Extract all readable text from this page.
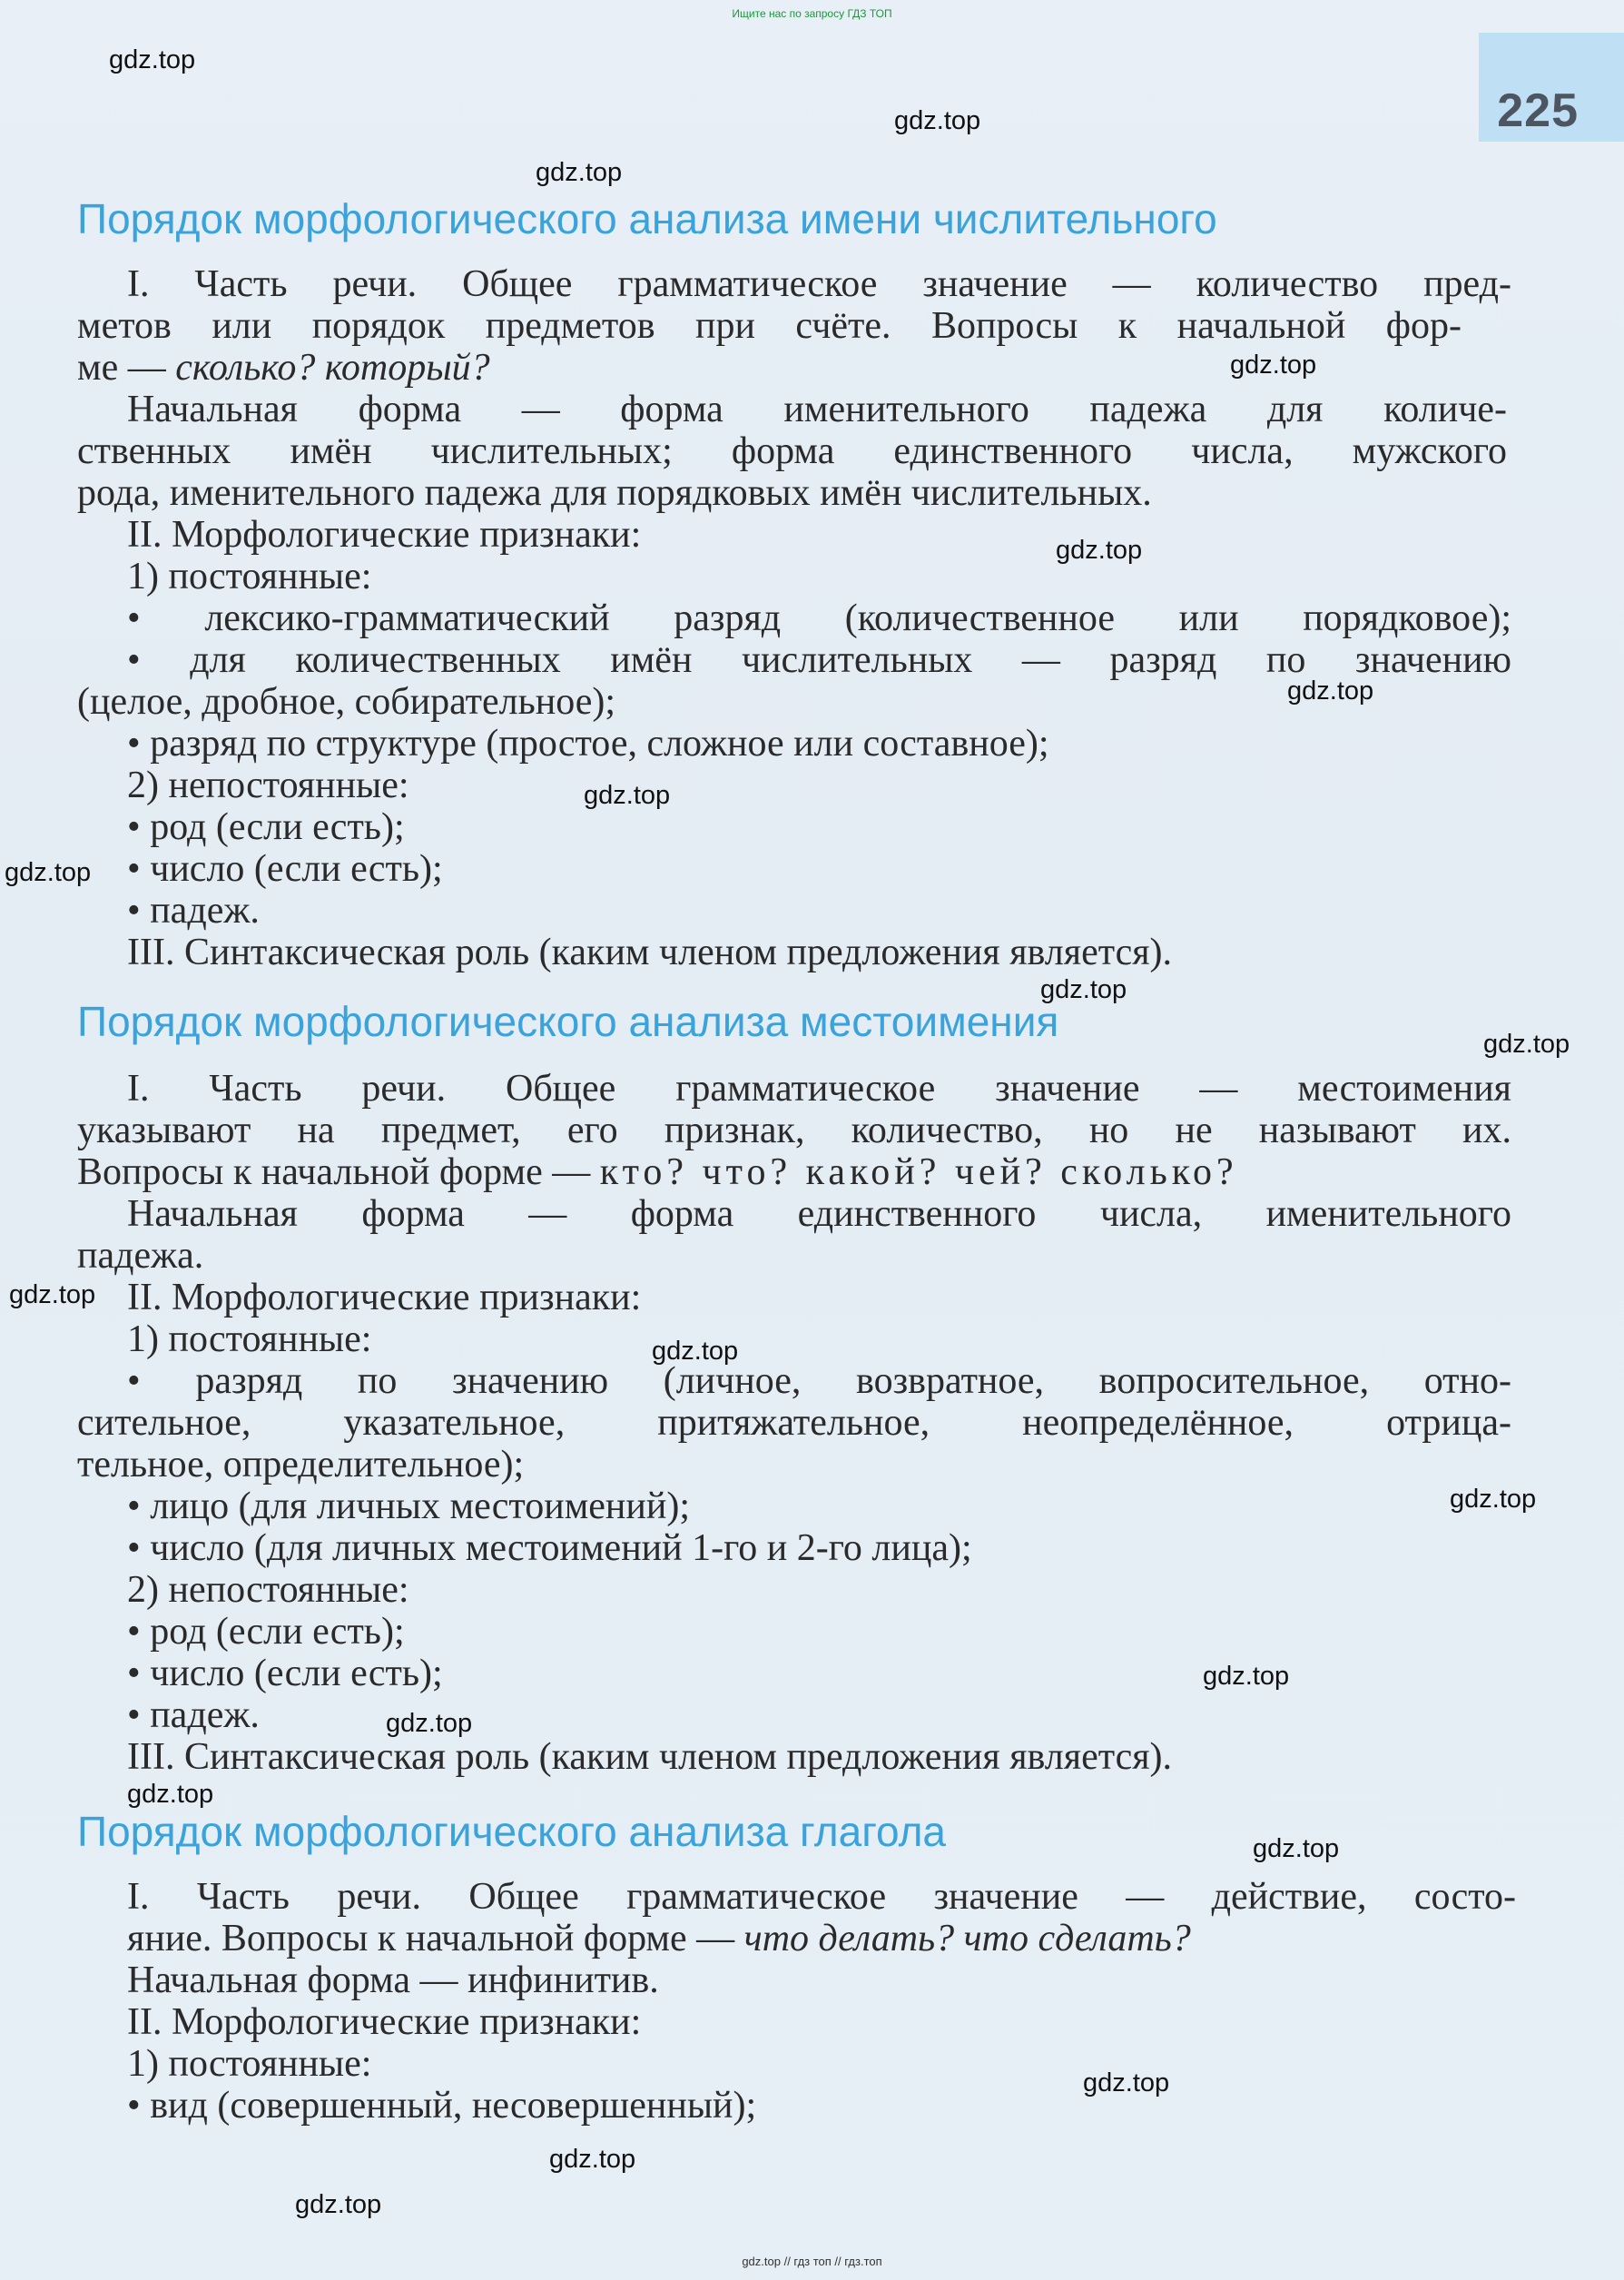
Ищите нас по запросу ГДЗ ТОП
225
Порядок морфологического анализа имени числительного
I. Часть речи. Общее грамматическое значение — количество пред-
метов или порядок предметов при счёте. Вопросы к начальной фор-
ме — сколько? который?
Начальная форма — форма именительного падежа для количе-
ственных имён числительных; форма единственного числа, мужского
рода, именительного падежа для порядковых имён числительных.
II. Морфологические признаки:
1) постоянные:
• лексико-грамматический разряд (количественное или порядковое);
• для количественных имён числительных — разряд по значению
(целое, дробное, собирательное);
• разряд по структуре (простое, сложное или составное);
2) непостоянные:
• род (если есть);
• число (если есть);
• падеж.
III. Синтаксическая роль (каким членом предложения является).
Порядок морфологического анализа местоимения
I. Часть речи. Общее грамматическое значение — местоимения
указывают на предмет, его признак, количество, но не называют их.
Вопросы к начальной форме — кто? что? какой? чей? сколько?
Начальная форма — форма единственного числа, именительного
падежа.
II. Морфологические признаки:
1) постоянные:
• разряд по значению (личное, возвратное, вопросительное, отно-
сительное, указательное, притяжательное, неопределённое, отрица-
тельное, определительное);
• лицо (для личных местоимений);
• число (для личных местоимений 1-го и 2-го лица);
2) непостоянные:
• род (если есть);
• число (если есть);
• падеж.
III. Синтаксическая роль (каким членом предложения является).
Порядок морфологического анализа глагола
I. Часть речи. Общее грамматическое значение — действие, состо-
яние. Вопросы к начальной форме — что делать? что сделать?
Начальная форма — инфинитив.
II. Морфологические признаки:
1) постоянные:
• вид (совершенный, несовершенный);
gdz.top
gdz.top
gdz.top
gdz.top
gdz.top
gdz.top
gdz.top
gdz.top
gdz.top
gdz.top
gdz.top
gdz.top
gdz.top
gdz.top
gdz.top
gdz.top
gdz.top
gdz.top
gdz.top
gdz.top
gdz.top // гдз топ // гдз.топ
